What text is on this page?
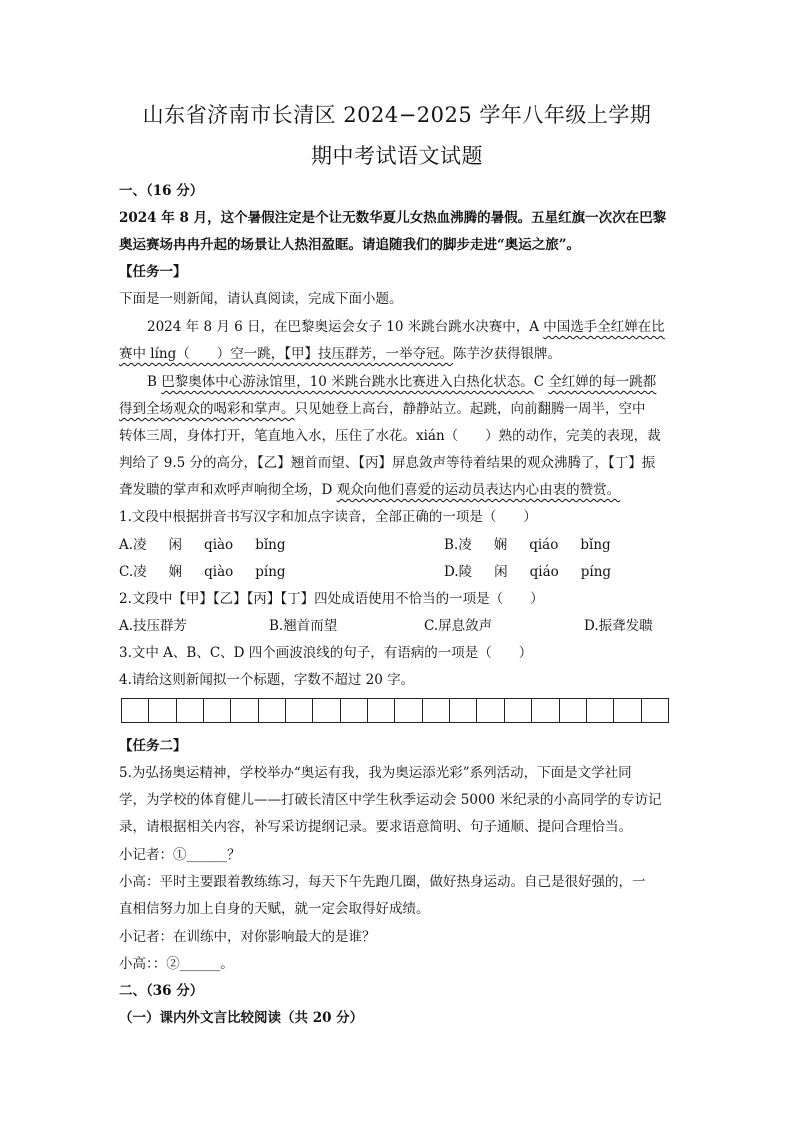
山东省济南市长清区 2024−2025 学年八年级上学期
期中考试语文试题
一、（16 分）
2024 年 8 月，这个暑假注定是个让无数华夏儿女热血沸腾的暑假。五星红旗一次次在巴黎
奥运赛场冉冉升起的场景让人热泪盈眶。请追随我们的脚步走进“奥运之旅”。
【任务一】
下面是一则新闻，请认真阅读，完成下面小题。
2024 年 8 月 6 日，在巴黎奥运会女子 10 米跳台跳水决赛中，A 中国选手全红婵在比
赛中 líng（　　）空一跳，【甲】技压群芳，一举夺冠。陈芋汐获得银牌。
B 巴黎奥体中心游泳馆里，10 米跳台跳水比赛进入白热化状态。C 全红婵的每一跳都
得到全场观众的喝彩和掌声。只见她登上高台，静静站立。起跳，向前翻腾一周半，空中
转体三周，身体打开，笔直地入水，压住了水花。xián（　　）熟的动作，完美的表现，裁
判给了 9.5 分的高分，【乙】翘首而望、【丙】屏息敛声等待着结果的观众沸腾了，【丁】振
聋发聩的掌声和欢呼声响彻全场，D 观众向他们喜爱的运动员表达内心由衷的赞赏。
1.文段中根据拼音书写汉字和加点字读音，全部正确的一项是（　　）
A.凌 闲 qiào bǐng	B.凌 娴 qiáo bǐng
C.凌 娴 qiào píng	D.陵 闲 qiáo píng
2.文段中【甲】【乙】【丙】【丁】四处成语使用不恰当的一项是（　　）
A.技压群芳	B.翘首而望	C.屏息敛声	D.振聋发聩
3.文中 A、B、C、D 四个画波浪线的句子，有语病的一项是（　　）
4.请给这则新闻拟一个标题，字数不超过 20 字。
【任务二】
5.为弘扬奥运精神，学校举办“奥运有我，我为奥运添光彩”系列活动，下面是文学社同
学，为学校的体育健儿——打破长清区中学生秋季运动会 5000 米纪录的小高同学的专访记
录，请根据相关内容，补写采访提纲记录。要求语意简明、句子通顺、提问合理恰当。
小记者：①______？
小高：平时主要跟着教练练习，每天下午先跑几圈，做好热身运动。自己是很好强的，一
直相信努力加上自身的天赋，就一定会取得好成绩。
小记者：在训练中，对你影响最大的是谁？
小高：：②______。
二、（36 分）
（一）课内外文言比较阅读（共 20 分）
